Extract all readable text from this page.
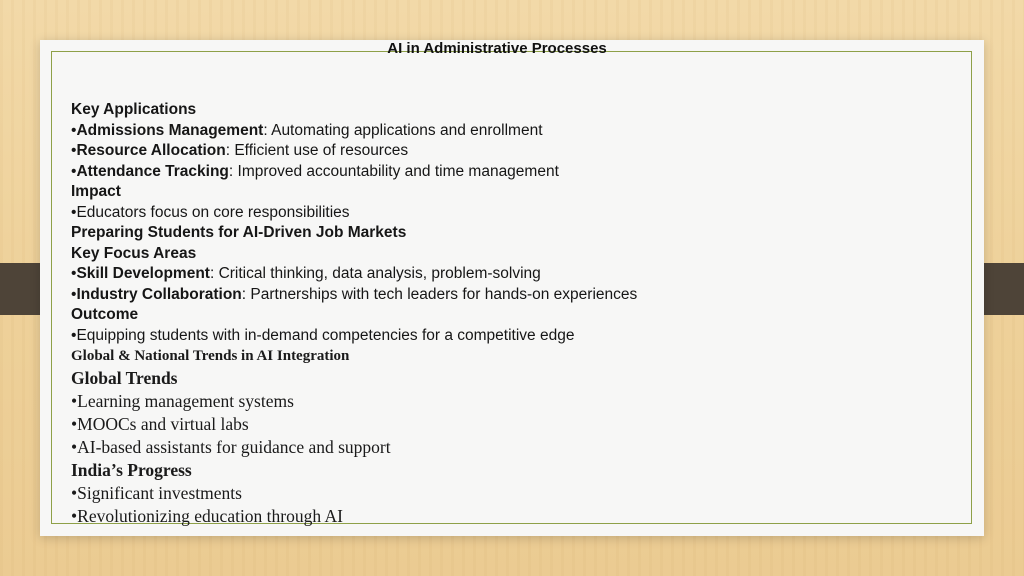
AI in Administrative Processes
Key Applications
•Admissions Management: Automating applications and enrollment
•Resource Allocation: Efficient use of resources
•Attendance Tracking: Improved accountability and time management
Impact
•Educators focus on core responsibilities
Preparing Students for AI-Driven Job Markets
Key Focus Areas
•Skill Development: Critical thinking, data analysis, problem-solving
•Industry Collaboration: Partnerships with tech leaders for hands-on experiences
Outcome
•Equipping students with in-demand competencies for a competitive edge
Global & National Trends in AI Integration
Global Trends
•Learning management systems
•MOOCs and virtual labs
•AI-based assistants for guidance and support
India’s Progress
•Significant investments
•Revolutionizing education through AI
